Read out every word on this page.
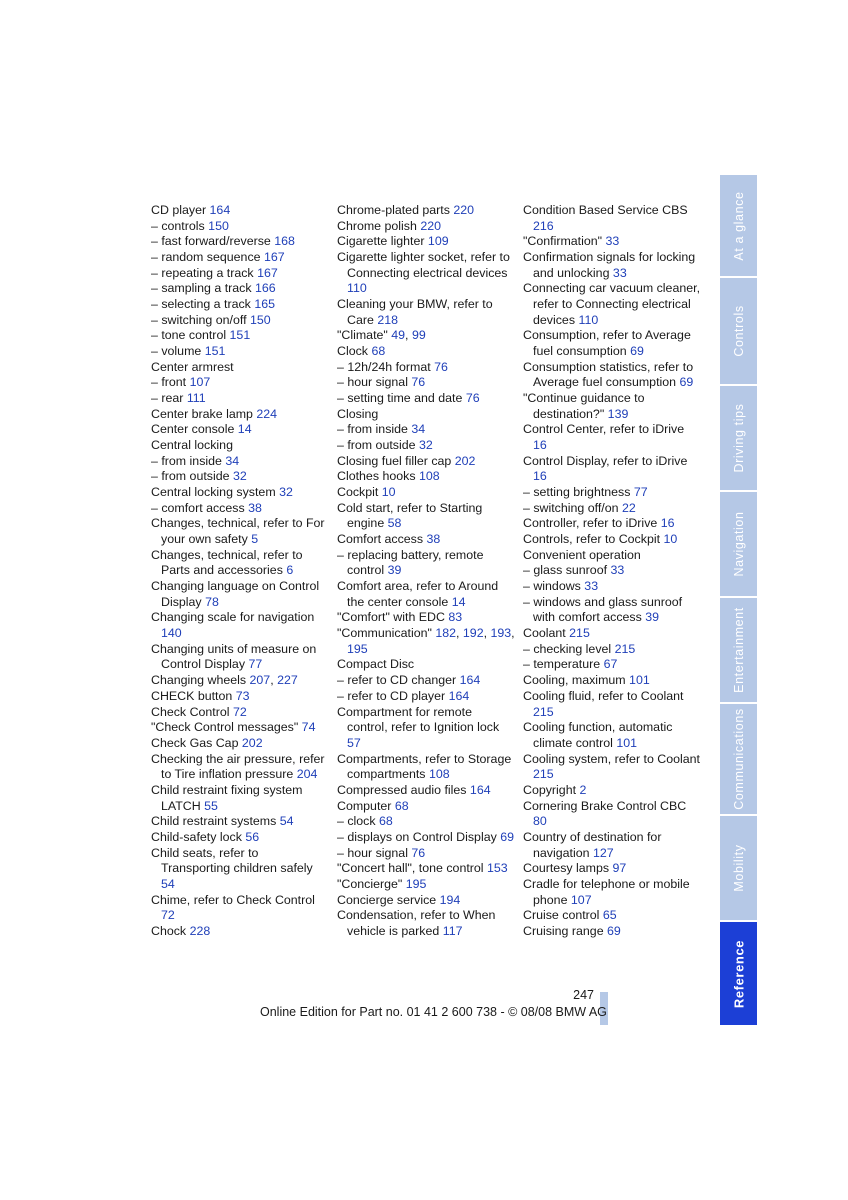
CD player 164
– controls 150
– fast forward/reverse 168
– random sequence 167
– repeating a track 167
– sampling a track 166
– selecting a track 165
– switching on/off 150
– tone control 151
– volume 151
Center armrest
– front 107
– rear 111
Center brake lamp 224
Center console 14
Central locking
– from inside 34
– from outside 32
Central locking system 32
– comfort access 38
Changes, technical, refer to For your own safety 5
Changes, technical, refer to Parts and accessories 6
Changing language on Control Display 78
Changing scale for navigation 140
Changing units of measure on Control Display 77
Changing wheels 207, 227
CHECK button 73
Check Control 72
"Check Control messages" 74
Check Gas Cap 202
Checking the air pressure, refer to Tire inflation pressure 204
Child restraint fixing system LATCH 55
Child restraint systems 54
Child-safety lock 56
Child seats, refer to Transporting children safely 54
Chime, refer to Check Control 72
Chock 228
Chrome-plated parts 220
Chrome polish 220
Cigarette lighter 109
Cigarette lighter socket, refer to Connecting electrical devices 110
Cleaning your BMW, refer to Care 218
"Climate" 49, 99
Clock 68
– 12h/24h format 76
– hour signal 76
– setting time and date 76
Closing
– from inside 34
– from outside 32
Closing fuel filler cap 202
Clothes hooks 108
Cockpit 10
Cold start, refer to Starting engine 58
Comfort access 38
– replacing battery, remote control 39
Comfort area, refer to Around the center console 14
"Comfort" with EDC 83
"Communication" 182, 192, 193, 195
Compact Disc
– refer to CD changer 164
– refer to CD player 164
Compartment for remote control, refer to Ignition lock 57
Compartments, refer to Storage compartments 108
Compressed audio files 164
Computer 68
– clock 68
– displays on Control Display 69
– hour signal 76
"Concert hall", tone control 153
"Concierge" 195
Concierge service 194
Condensation, refer to When vehicle is parked 117
Condition Based Service CBS 216
"Confirmation" 33
Confirmation signals for locking and unlocking 33
Connecting car vacuum cleaner, refer to Connecting electrical devices 110
Consumption, refer to Average fuel consumption 69
Consumption statistics, refer to Average fuel consumption 69
"Continue guidance to destination?" 139
Control Center, refer to iDrive 16
Control Display, refer to iDrive 16
– setting brightness 77
– switching off/on 22
Controller, refer to iDrive 16
Controls, refer to Cockpit 10
Convenient operation
– glass sunroof 33
– windows 33
– windows and glass sunroof with comfort access 39
Coolant 215
– checking level 215
– temperature 67
Cooling, maximum 101
Cooling fluid, refer to Coolant 215
Cooling function, automatic climate control 101
Cooling system, refer to Coolant 215
Copyright 2
Cornering Brake Control CBC 80
Country of destination for navigation 127
Courtesy lamps 97
Cradle for telephone or mobile phone 107
Cruise control 65
Cruising range 69
247
Online Edition for Part no. 01 41 2 600 738 - © 08/08 BMW AG
At a glance
Controls
Driving tips
Navigation
Entertainment
Communications
Mobility
Reference
